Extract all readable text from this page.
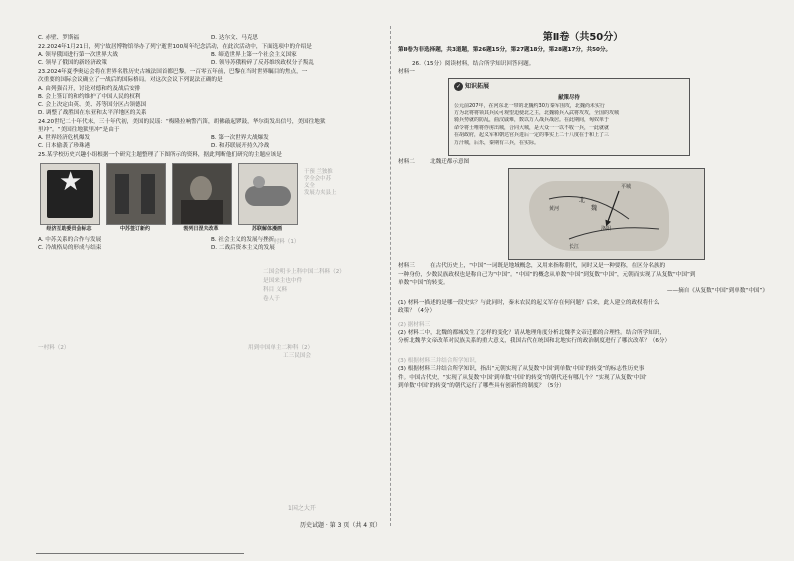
C. 赤壁、罗斯福	D. 达尔文、马克思
22.2024年1月21日，列宁故居博物馆举办了列宁逝世100周年纪念活动，在此次活动中，下面选项中的介绍是
A. 领导俄国进行第一次世界大战	B. 缔造世界上第一个社会主义国家
C. 领导了俄国的新经济政策	D. 领导苏俄粉碎了反苏维埃政权分子叛乱
23.2024年夏季奥运会将在世界名胜历史古城法国首都巴黎。一百零五年前，巴黎在当时世界瞩目的焦点，一
次重要的国际会议确立了一战后的国际格局。对这次会议下列说法正确的是
A. 由列强召开，讨论对德和约及战后安排
B. 会上签订的和约维护了中国人民的权利
C. 会上决定由英、美、苏等国分区占领德国
D. 调整了战胜国在东亚和太平洋地区的关系
24.20世纪二十年代末，三十年代初，美国的民谣：“梅隆拉响警汽笛，胡佛敲起锣鼓，华尔街发出信号，美国往地狱
里冲”。“美国往地狱里冲”是由于
A. 世界经济危机爆发	B. 第一次世界大战爆发
C. 日本偷袭了珍珠港	D. 和苏联展开持久冷战
25.某学校历史兴趣小组根据一个研究主题整理了下图所示的资料，据此判断他们研究的主题应该是
★
经济互助委员会标志	中苏签订新约	勃列日涅夫改革	苏联解体漫画
干预 兰独推
学全会中苏
义全
发展力夹县上
A. 中苏关系的合作与发展	B. 社会主义的发展与挫折
C. 冷战格局的形成与结束	D. 二战后资本主义的发展
一村料（1）
二国会明卡上科中国二科料（2）
是国来主也中件
科目 义料
卷人于
一村料（2）	用到中国单主二种科（2）
工三民国会
1国之大开
历史试题 · 第 3 页（共 4 页）
第Ⅱ卷（共50分）
第Ⅱ卷为非选择题，共3道题，第26题15分，第27题18分，第28题17分，共50分。
26.（15分）阅读材料，结合所学知识回答问题。
材料一
✓ 知识拓展
献策尽待
公元前207年，在河东北一带的北魏约30万秦军围攻，北魏尚未实行
方为北将将领其兵民可观望迫使北之主，北魏骑兵入武将攻攻，全国的攻城
骑兵势就的防乱，曲汉戚难，数以万人战兵战居。在此期间，匈奴单于
命令将士唯将俘虏出城，合同大城，是大众一一以不收一兵，一此就就
在胡政府，起义军和朝达官兵进后一定的事实上二十八度在于和上了三
万汗城，后乐，秦期有三兵，在实际。
材料二	北魏迁都示意图
北
魏
平城
洛阳
黄河
长江
材料三	在古代历史上，“中国”一词既是地域概念，又用来指称朝代，同时又是一种要称，在区分名族的
一种身份，少数民族政权也是称自己为“中国”。“中国”的概念从单数“中国”到复数“中国”，元朝而实现了从复数“中国”到
单数“中国”的转变。
——摘自《从复数“中国”到单数“中国”》
(1) 材料一描述的是哪一段史实？与此同时，秦末农民的起义军存在何问题？后来，此人建立的政权将什么
政策？（4分）
(2) 据材料三
(2) 材料二中，北魏的都城发生了怎样的变化？请从地理角度分析北魏孝文帝迁都的合理性。结合所学知识，
分析北魏孝文帝改革对民族关系的重大意义，我国古代在统国和北地实行的政治制度进行了哪次改革？（6分）
(3) 根据材料三并结合所学知识，
(3) 根据材料三并结合所学知识，指出“元朝实现了从复数‘中国’到单数‘中国’的转变”的标志性历史事
件。中国古代史，“实现了从复数‘中国’到单数‘中国’的转变”的朝代还有哪几个？“实现了从复数‘中国’
到单数‘中国’的转变”的朝代运行了哪些具有创新性的制度？（5分）
